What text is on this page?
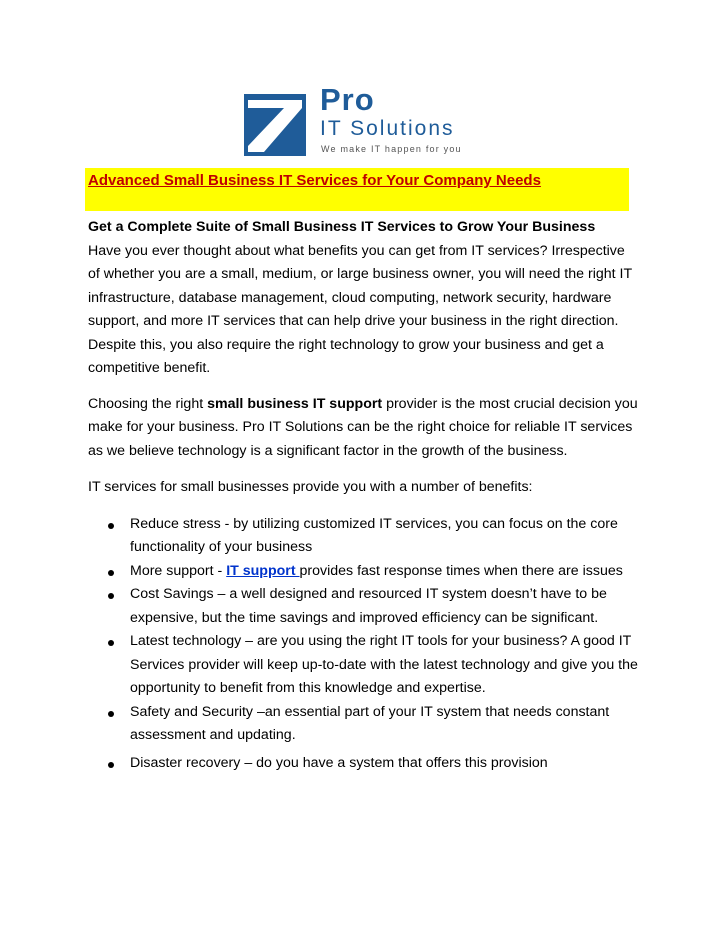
Pro
IT Solutions
We make IT happen for you
Advanced Small Business IT Services for Your Company Needs

Get a Complete Suite of Small Business IT Services to Grow Your Business

Have you ever thought about what benefits you can get from IT services? Irrespective of whether you are a small, medium, or large business owner, you will need the right IT infrastructure, database management, cloud computing, network security, hardware support, and more IT services that can help drive your business in the right direction. Despite this, you also require the right technology to grow your business and get a competitive benefit.

Choosing the right small business IT support provider is the most crucial decision you make for your business. Pro IT Solutions can be the right choice for reliable IT services as we believe technology is a significant factor in the growth of the business.

IT services for small businesses provide you with a number of benefits:

Reduce stress - by utilizing customized IT services, you can focus on the core functionality of your business
More support - IT support provides fast response times when there are issues
Cost Savings – a well designed and resourced IT system doesn’t have to be expensive, but the time savings and improved efficiency can be significant.
Latest technology – are you using the right IT tools for your business? A good IT Services provider will keep up-to-date with the latest technology and give you the opportunity to benefit from this knowledge and expertise.
Safety and Security –an essential part of your IT system that needs constant assessment and updating.
Disaster recovery – do you have a system that offers this provision
